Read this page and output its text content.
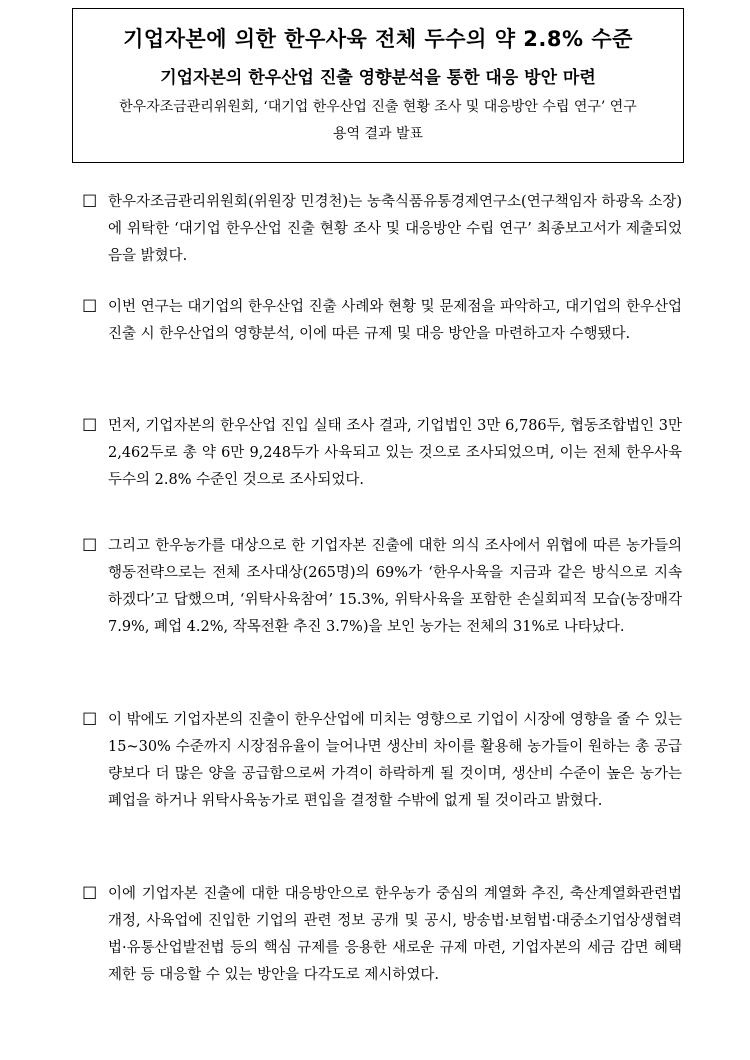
기업자본에 의한 한우사육 전체 두수의 약 2.8% 수준
기업자본의 한우산업 진출 영향분석을 통한 대응 방안 마련
한우자조금관리위원회, ‘대기업 한우산업 진출 현황 조사 및 대응방안 수립 연구’ 연구용역 결과 발표
☐ 한우자조금관리위원회(위원장 민경천)는 농축식품유통경제연구소(연구책임자 하광옥 소장)에 위탁한 ‘대기업 한우산업 진출 현황 조사 및 대응방안 수립 연구’ 최종보고서가 제출되었음을 밝혔다.
☐ 이번 연구는 대기업의 한우산업 진출 사례와 현황 및 문제점을 파악하고, 대기업의 한우산업 진출 시 한우산업의 영향분석, 이에 따른 규제 및 대응 방안을 마련하고자 수행됐다.
☐ 먼저, 기업자본의 한우산업 진입 실태 조사 결과, 기업법인 3만 6,786두, 협동조합법인 3만 2,462두로 총 약 6만 9,248두가 사육되고 있는 것으로 조사되었으며, 이는 전체 한우사육두수의 2.8% 수준인 것으로 조사되었다.
☐ 그리고 한우농가를 대상으로 한 기업자본 진출에 대한 의식 조사에서 위협에 따른 농가들의 행동전략으로는 전체 조사대상(265명)의 69%가 ‘한우사육을 지금과 같은 방식으로 지속하겠다’고 답했으며, ‘위탁사육참여’ 15.3%, 위탁사육을 포함한 손실회피적 모습(농장매각 7.9%, 폐업 4.2%, 작목전환 추진 3.7%)을 보인 농가는 전체의 31%로 나타났다.
☐ 이 밖에도 기업자본의 진출이 한우산업에 미치는 영향으로 기업이 시장에 영향을 줄 수 있는 15~30% 수준까지 시장점유율이 늘어나면 생산비 차이를 활용해 농가들이 원하는 총 공급량보다 더 많은 양을 공급함으로써 가격이 하락하게 될 것이며, 생산비 수준이 높은 농가는 폐업을 하거나 위탁사육농가로 편입을 결정할 수밖에 없게 될 것이라고 밝혔다.
☐ 이에 기업자본 진출에 대한 대응방안으로 한우농가 중심의 계열화 추진, 축산계열화관련법 개정, 사육업에 진입한 기업의 관련 정보 공개 및 공시, 방송법·보험법·대중소기업상생협력법·유통산업발전법 등의 핵심 규제를 응용한 새로운 규제 마련, 기업자본의 세금 감면 혜택 제한 등 대응할 수 있는 방안을 다각도로 제시하였다.
